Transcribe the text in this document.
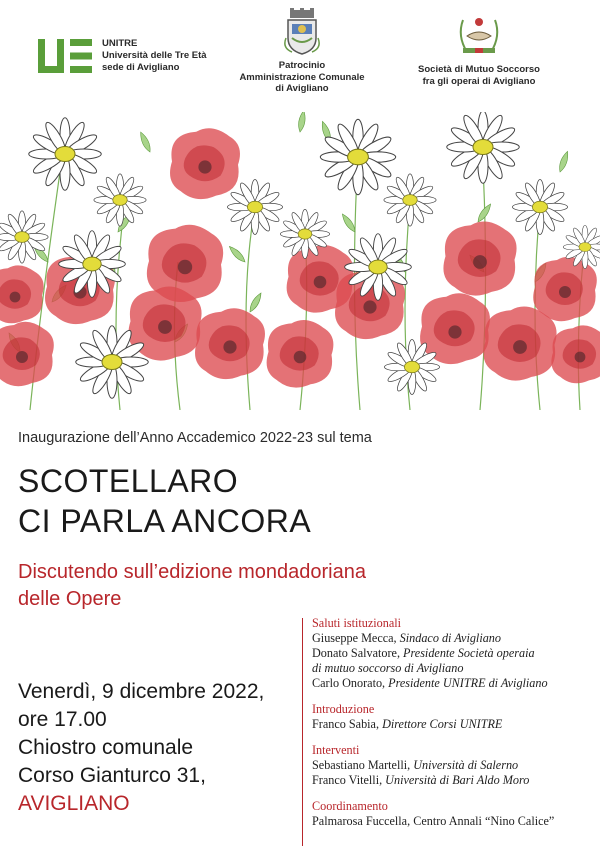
UNITRE
Università delle Tre Età
sede di Avigliano	Patrocinio
Amministrazione Comunale
di Avigliano
Società di Mutuo Soccorso
fra gli operai di Avigliano
Inaugurazione dell’Anno Accademico 2022-23 sul tema
SCOTELLARO
CI PARLA ANCORA
Discutendo sull’edizione mondadoriana
delle Opere
Venerdì, 9 dicembre 2022,
ore 17.00
Chiostro comunale
Corso Gianturco 31,
AVIGLIANO
Saluti istituzionali
Giuseppe Mecca, Sindaco di Avigliano
Donato Salvatore, Presidente Società operaia
di mutuo soccorso di Avigliano
Carlo Onorato, Presidente UNITRE di Avigliano
Introduzione
Franco Sabia, Direttore Corsi UNITRE
Interventi
Sebastiano Martelli, Università di Salerno
Franco Vitelli, Università di Bari Aldo Moro
Coordinamento
Palmarosa Fuccella, Centro Annali “Nino Calice”
